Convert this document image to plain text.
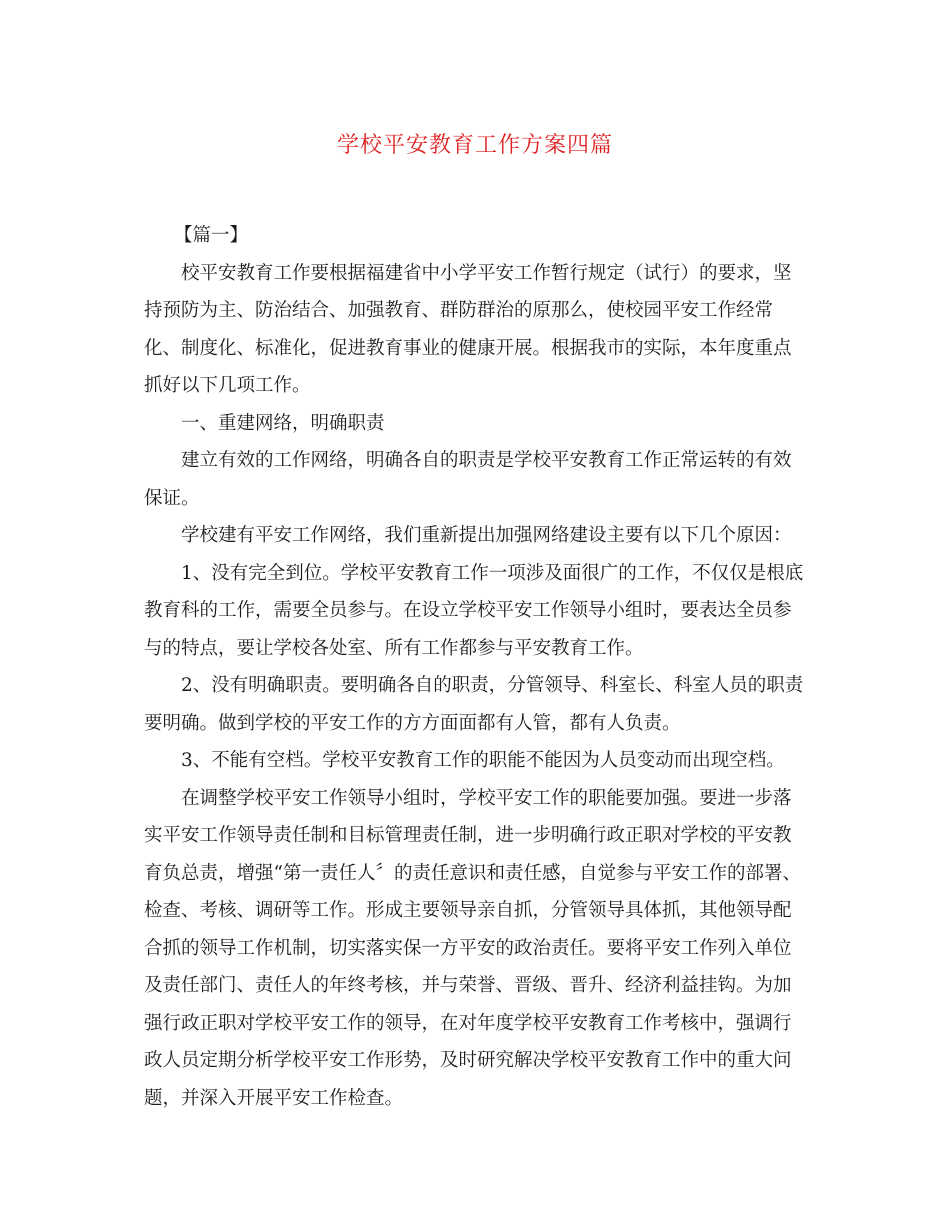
学校平安教育工作方案四篇

【篇一】

校平安教育工作要根据福建省中小学平安工作暂行规定（试行）的要求，坚持预防为主、防治结合、加强教育、群防群治的原那么，使校园平安工作经常化、制度化、标准化，促进教育事业的健康开展。根据我市的实际，本年度重点抓好以下几项工作。

一、重建网络，明确职责

建立有效的工作网络，明确各自的职责是学校平安教育工作正常运转的有效保证。

学校建有平安工作网络，我们重新提出加强网络建设主要有以下几个原因：

1、没有完全到位。学校平安教育工作一项涉及面很广的工作，不仅仅是根底教育科的工作，需要全员参与。在设立学校平安工作领导小组时，要表达全员参与的特点，要让学校各处室、所有工作都参与平安教育工作。

2、没有明确职责。要明确各自的职责，分管领导、科室长、科室人员的职责要明确。做到学校的平安工作的方方面面都有人管，都有人负责。

3、不能有空档。学校平安教育工作的职能不能因为人员变动而出现空档。

在调整学校平安工作领导小组时，学校平安工作的职能要加强。要进一步落实平安工作领导责任制和目标管理责任制，进一步明确行政正职对学校的平安教育负总责，增强“第一责任人〞的责任意识和责任感，自觉参与平安工作的部署、检查、考核、调研等工作。形成主要领导亲自抓，分管领导具体抓，其他领导配合抓的领导工作机制，切实落实保一方平安的政治责任。要将平安工作列入单位及责任部门、责任人的年终考核，并与荣誉、晋级、晋升、经济利益挂钩。为加强行政正职对学校平安工作的领导，在对年度学校平安教育工作考核中，强调行政人员定期分析学校平安工作形势，及时研究解决学校平安教育工作中的重大问题，并深入开展平安工作检查。
